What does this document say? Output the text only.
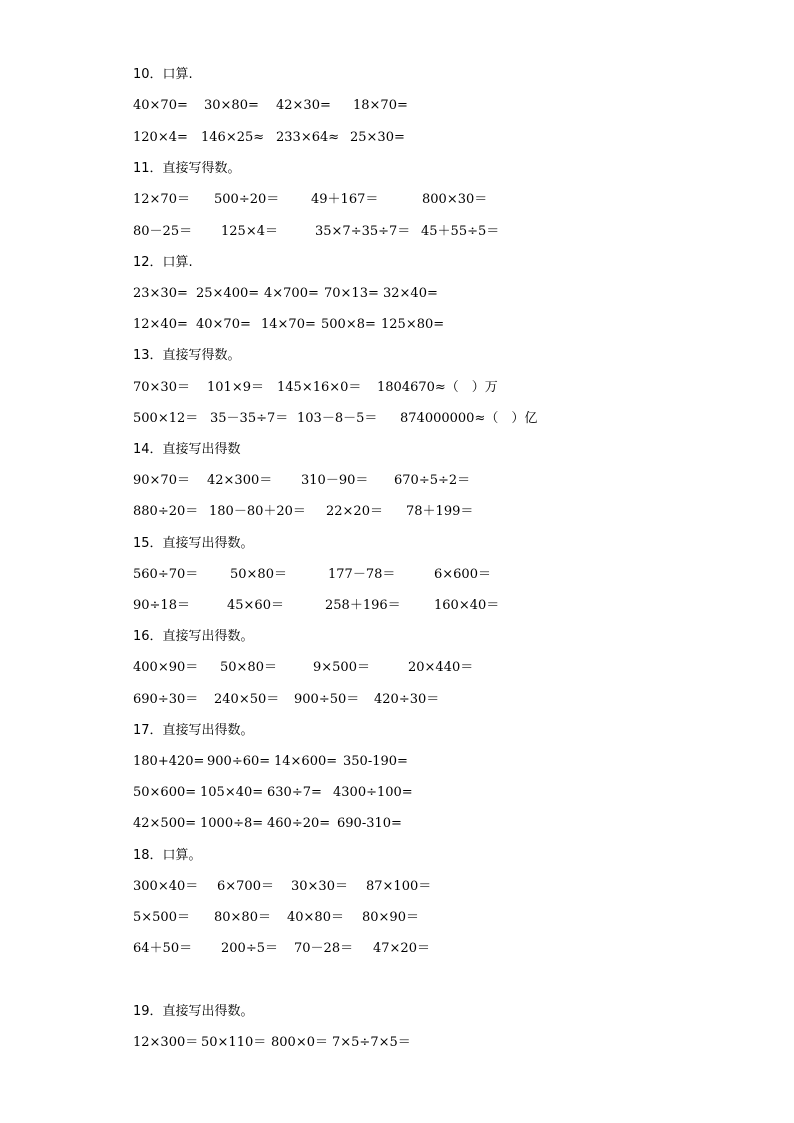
10．口算.
40×70= 30×80= 42×30= 18×70=
120×4= 146×25≈ 233×64≈ 25×30=
11．直接写得数。
12×70＝ 500÷20＝ 49＋167＝	800×30＝
80－25＝ 125×4＝	35×7÷35÷7＝ 45＋55÷5＝
12．口算.
23×30= 25×400= 4×700= 70×13= 32×40=
12×40= 40×70= 14×70= 500×8= 125×80=
13．直接写得数。
70×30＝ 101×9＝ 145×16×0＝ 1804670≈（　）万
500×12＝ 35－35÷7＝ 103－8－5＝ 874000000≈（　）亿
14．直接写出得数
90×70＝ 42×300＝ 310－90＝ 670÷5÷2＝
880÷20＝ 180－80＋20＝ 22×20＝ 78＋199＝
15．直接写出得数。
560÷70＝ 50×80＝	177－78＝	6×600＝
90÷18＝	45×60＝	258＋196＝	160×40＝
16．直接写出得数。
400×90＝ 50×80＝	9×500＝	20×440＝
690÷30＝ 240×50＝ 900÷50＝ 420÷30＝
17．直接写出得数。
180+420= 900÷60= 14×600= 350-190=
50×600= 105×40= 630÷7= 4300÷100=
42×500= 1000÷8= 460÷20= 690-310=
18．口算。
300×40＝ 6×700＝ 30×30＝ 87×100＝
5×500＝ 80×80＝ 40×80＝ 80×90＝
64＋50＝ 200÷5＝ 70－28＝ 47×20＝
19．直接写出得数。
12×300＝ 50×110＝ 800×0＝ 7×5÷7×5＝
